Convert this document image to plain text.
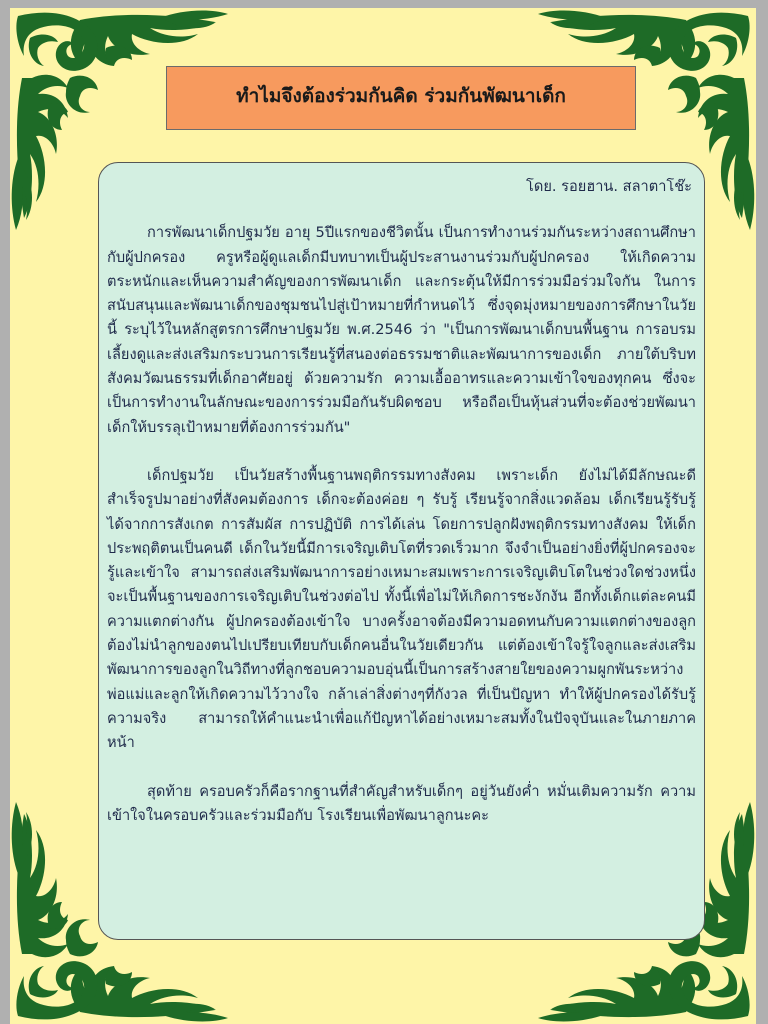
ทำไมจึงต้องร่วมกันคิด ร่วมกันพัฒนาเด็ก
โดย. รอยฮาน. สลาตาโช๊ะ

การพัฒนาเด็กปฐมวัย อายุ 5ปีแรกของชีวิตนั้น เป็นการทำงานร่วมกันระหว่างสถานศึกษากับผู้ปกครอง ครูหรือผู้ดูแลเด็กมีบทบาทเป็นผู้ประสานงานร่วมกับผู้ปกครอง ให้เกิดความตระหนักและเห็นความสำคัญของการพัฒนาเด็ก และกระตุ้นให้มีการร่วมมือร่วมใจกัน ในการสนับสนุนและพัฒนาเด็กของชุมชนไปสู่เป้าหมายที่กำหนดไว้ ซึ่งจุดมุ่งหมายของการศึกษาในวัยนี้ ระบุไว้ในหลักสูตรการศึกษาปฐมวัย พ.ศ.2546 ว่า "เป็นการพัฒนาเด็กบนพื้นฐาน การอบรมเลี้ยงดูและส่งเสริมกระบวนการเรียนรู้ที่สนองต่อธรรมชาติและพัฒนาการของเด็ก ภายใต้บริบทสังคมวัฒนธรรมที่เด็กอาศัยอยู่ ด้วยความรัก ความเอื้ออาทรและความเข้าใจของทุกคน ซึ่งจะเป็นการทำงานในลักษณะของการร่วมมือกันรับผิดชอบ หรือถือเป็นหุ้นส่วนที่จะต้องช่วยพัฒนาเด็กให้บรรลุเป้าหมายที่ต้องการร่วมกัน"

เด็กปฐมวัย เป็นวัยสร้างพื้นฐานพฤติกรรมทางสังคม เพราะเด็ก ยังไม่ได้มีลักษณะดีสำเร็จรูปมาอย่างที่สังคมต้องการ เด็กจะต้องค่อย ๆ รับรู้ เรียนรู้จากสิ่งแวดล้อม เด็กเรียนรู้รับรู้ ได้จากการสังเกต การสัมผัส การปฏิบัติ การได้เล่น โดยการปลูกฝังพฤติกรรมทางสังคม ให้เด็กประพฤติตนเป็นคนดี เด็กในวัยนี้มีการเจริญเติบโตที่รวดเร็วมาก จึงจำเป็นอย่างยิ่งที่ผู้ปกครองจะรู้และเข้าใจ สามารถส่งเสริมพัฒนาการอย่างเหมาะสมเพราะการเจริญเติบโตในช่วงใดช่วงหนึ่งจะเป็นพื้นฐานของการเจริญเติบในช่วงต่อไป ทั้งนี้เพื่อไม่ให้เกิดการชะงักงัน อีกทั้งเด็กแต่ละคนมีความแตกต่างกัน ผู้ปกครองต้องเข้าใจ บางครั้งอาจต้องมีความอดทนกับความแตกต่างของลูก ต้องไม่นำลูกของตนไปเปรียบเทียบกับเด็กคนอื่นในวัยเดียวกัน แต่ต้องเข้าใจรู้ใจลูกและส่งเสริมพัฒนาการของลูกในวิถีทางที่ลูกชอบความอบอุ่นนี้เป็นการสร้างสายใยของความผูกพันระหว่างพ่อแม่และลูกให้เกิดความไว้วางใจ กล้าเล่าสิ่งต่างๆที่กังวล ที่เป็นปัญหา ทำให้ผู้ปกครองได้รับรู้ความจริง สามารถให้คำแนะนำเพื่อแก้ปัญหาได้อย่างเหมาะสมทั้งในปัจจุบันและในภายภาคหน้า

สุดท้าย ครอบครัวก็คือรากฐานที่สำคัญสำหรับเด็กๆ อยู่วันยังค่ำ หมั่นเติมความรัก ความเข้าใจในครอบครัวและร่วมมือกับ โรงเรียนเพื่อพัฒนาลูกนะคะ
